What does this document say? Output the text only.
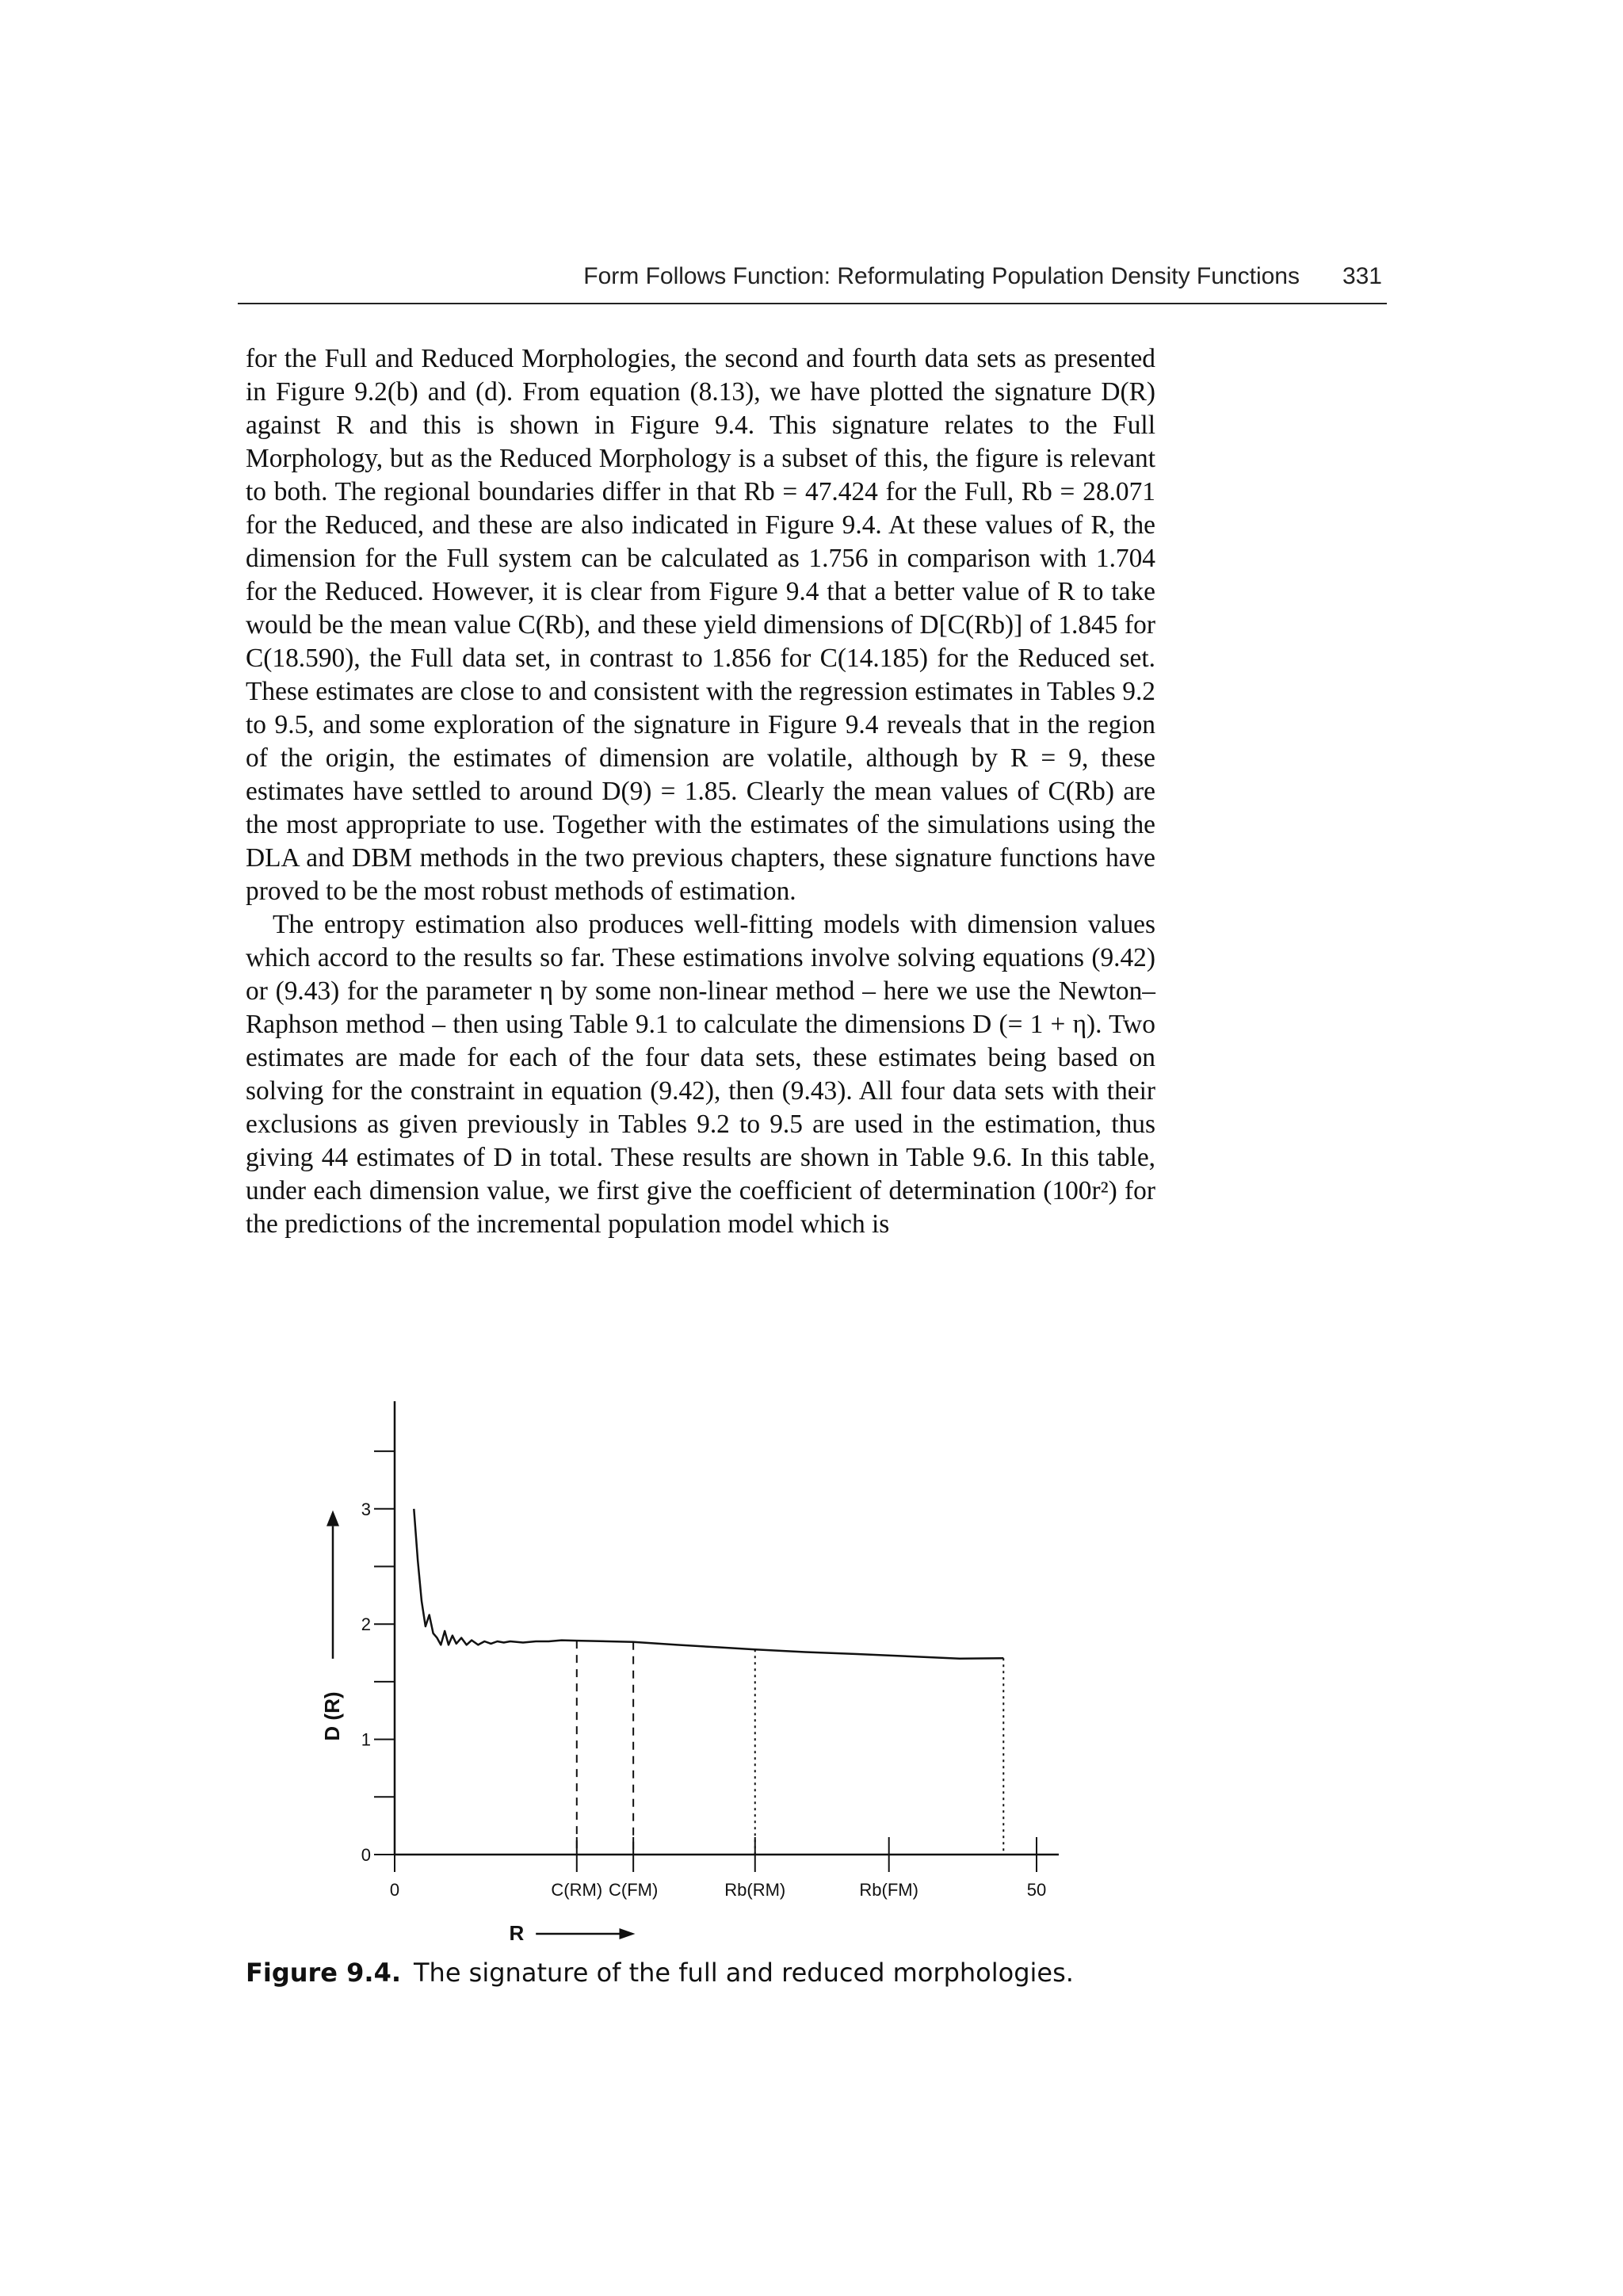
Form Follows Function: Reformulating Population Density Functions	331

for the Full and Reduced Morphologies, the second and fourth data sets as presented in Figure 9.2(b) and (d). From equation (8.13), we have plotted the signature D(R) against R and this is shown in Figure 9.4. This signature relates to the Full Morphology, but as the Reduced Morphology is a subset of this, the figure is relevant to both. The regional boundaries differ in that Rb = 47.424 for the Full, Rb = 28.071 for the Reduced, and these are also indicated in Figure 9.4. At these values of R, the dimension for the Full system can be calculated as 1.756 in comparison with 1.704 for the Reduced. However, it is clear from Figure 9.4 that a better value of R to take would be the mean value C(Rb), and these yield dimensions of D[C(Rb)] of 1.845 for C(18.590), the Full data set, in contrast to 1.856 for C(14.185) for the Reduced set. These estimates are close to and consistent with the regression estimates in Tables 9.2 to 9.5, and some exploration of the signature in Figure 9.4 reveals that in the region of the origin, the estimates of dimension are volatile, although by R = 9, these estimates have settled to around D(9) = 1.85. Clearly the mean values of C(Rb) are the most appropriate to use. Together with the estimates of the simulations using the DLA and DBM methods in the two previous chapters, these signature functions have proved to be the most robust methods of estimation.

The entropy estimation also produces well-fitting models with dimension values which accord to the results so far. These estimations involve solving equations (9.42) or (9.43) for the parameter η by some non-linear method – here we use the Newton–Raphson method – then using Table 9.1 to calculate the dimensions D (= 1 + η). Two estimates are made for each of the four data sets, these estimates being based on solving for the constraint in equation (9.42), then (9.43). All four data sets with their exclusions as given previously in Tables 9.2 to 9.5 are used in the estimation, thus giving 44 estimates of D in total. These results are shown in Table 9.6. In this table, under each dimension value, we first give the coefficient of determination (100r²) for the predictions of the incremental population model which is

0
1
2
3
0	C(RM) C(FM)	Rb(RM)	Rb(FM)	50
D (R)
R
Figure 9.4. The signature of the full and reduced morphologies.
